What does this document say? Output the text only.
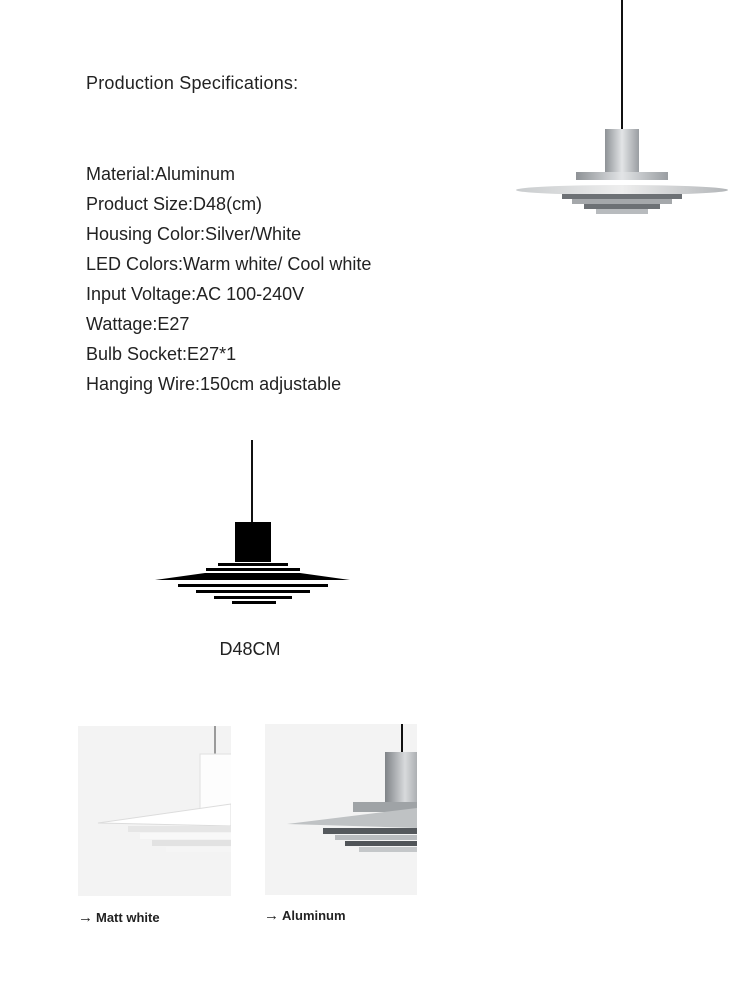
Production Specifications:
Material:Aluminum
Product Size:D48(cm)
Housing Color:Silver/White
LED Colors:Warm white/ Cool white
Input Voltage:AC 100-240V
Wattage:E27
Bulb Socket:E27*1
Hanging Wire:150cm adjustable
D48CM
→ Matt white	→ Aluminum
